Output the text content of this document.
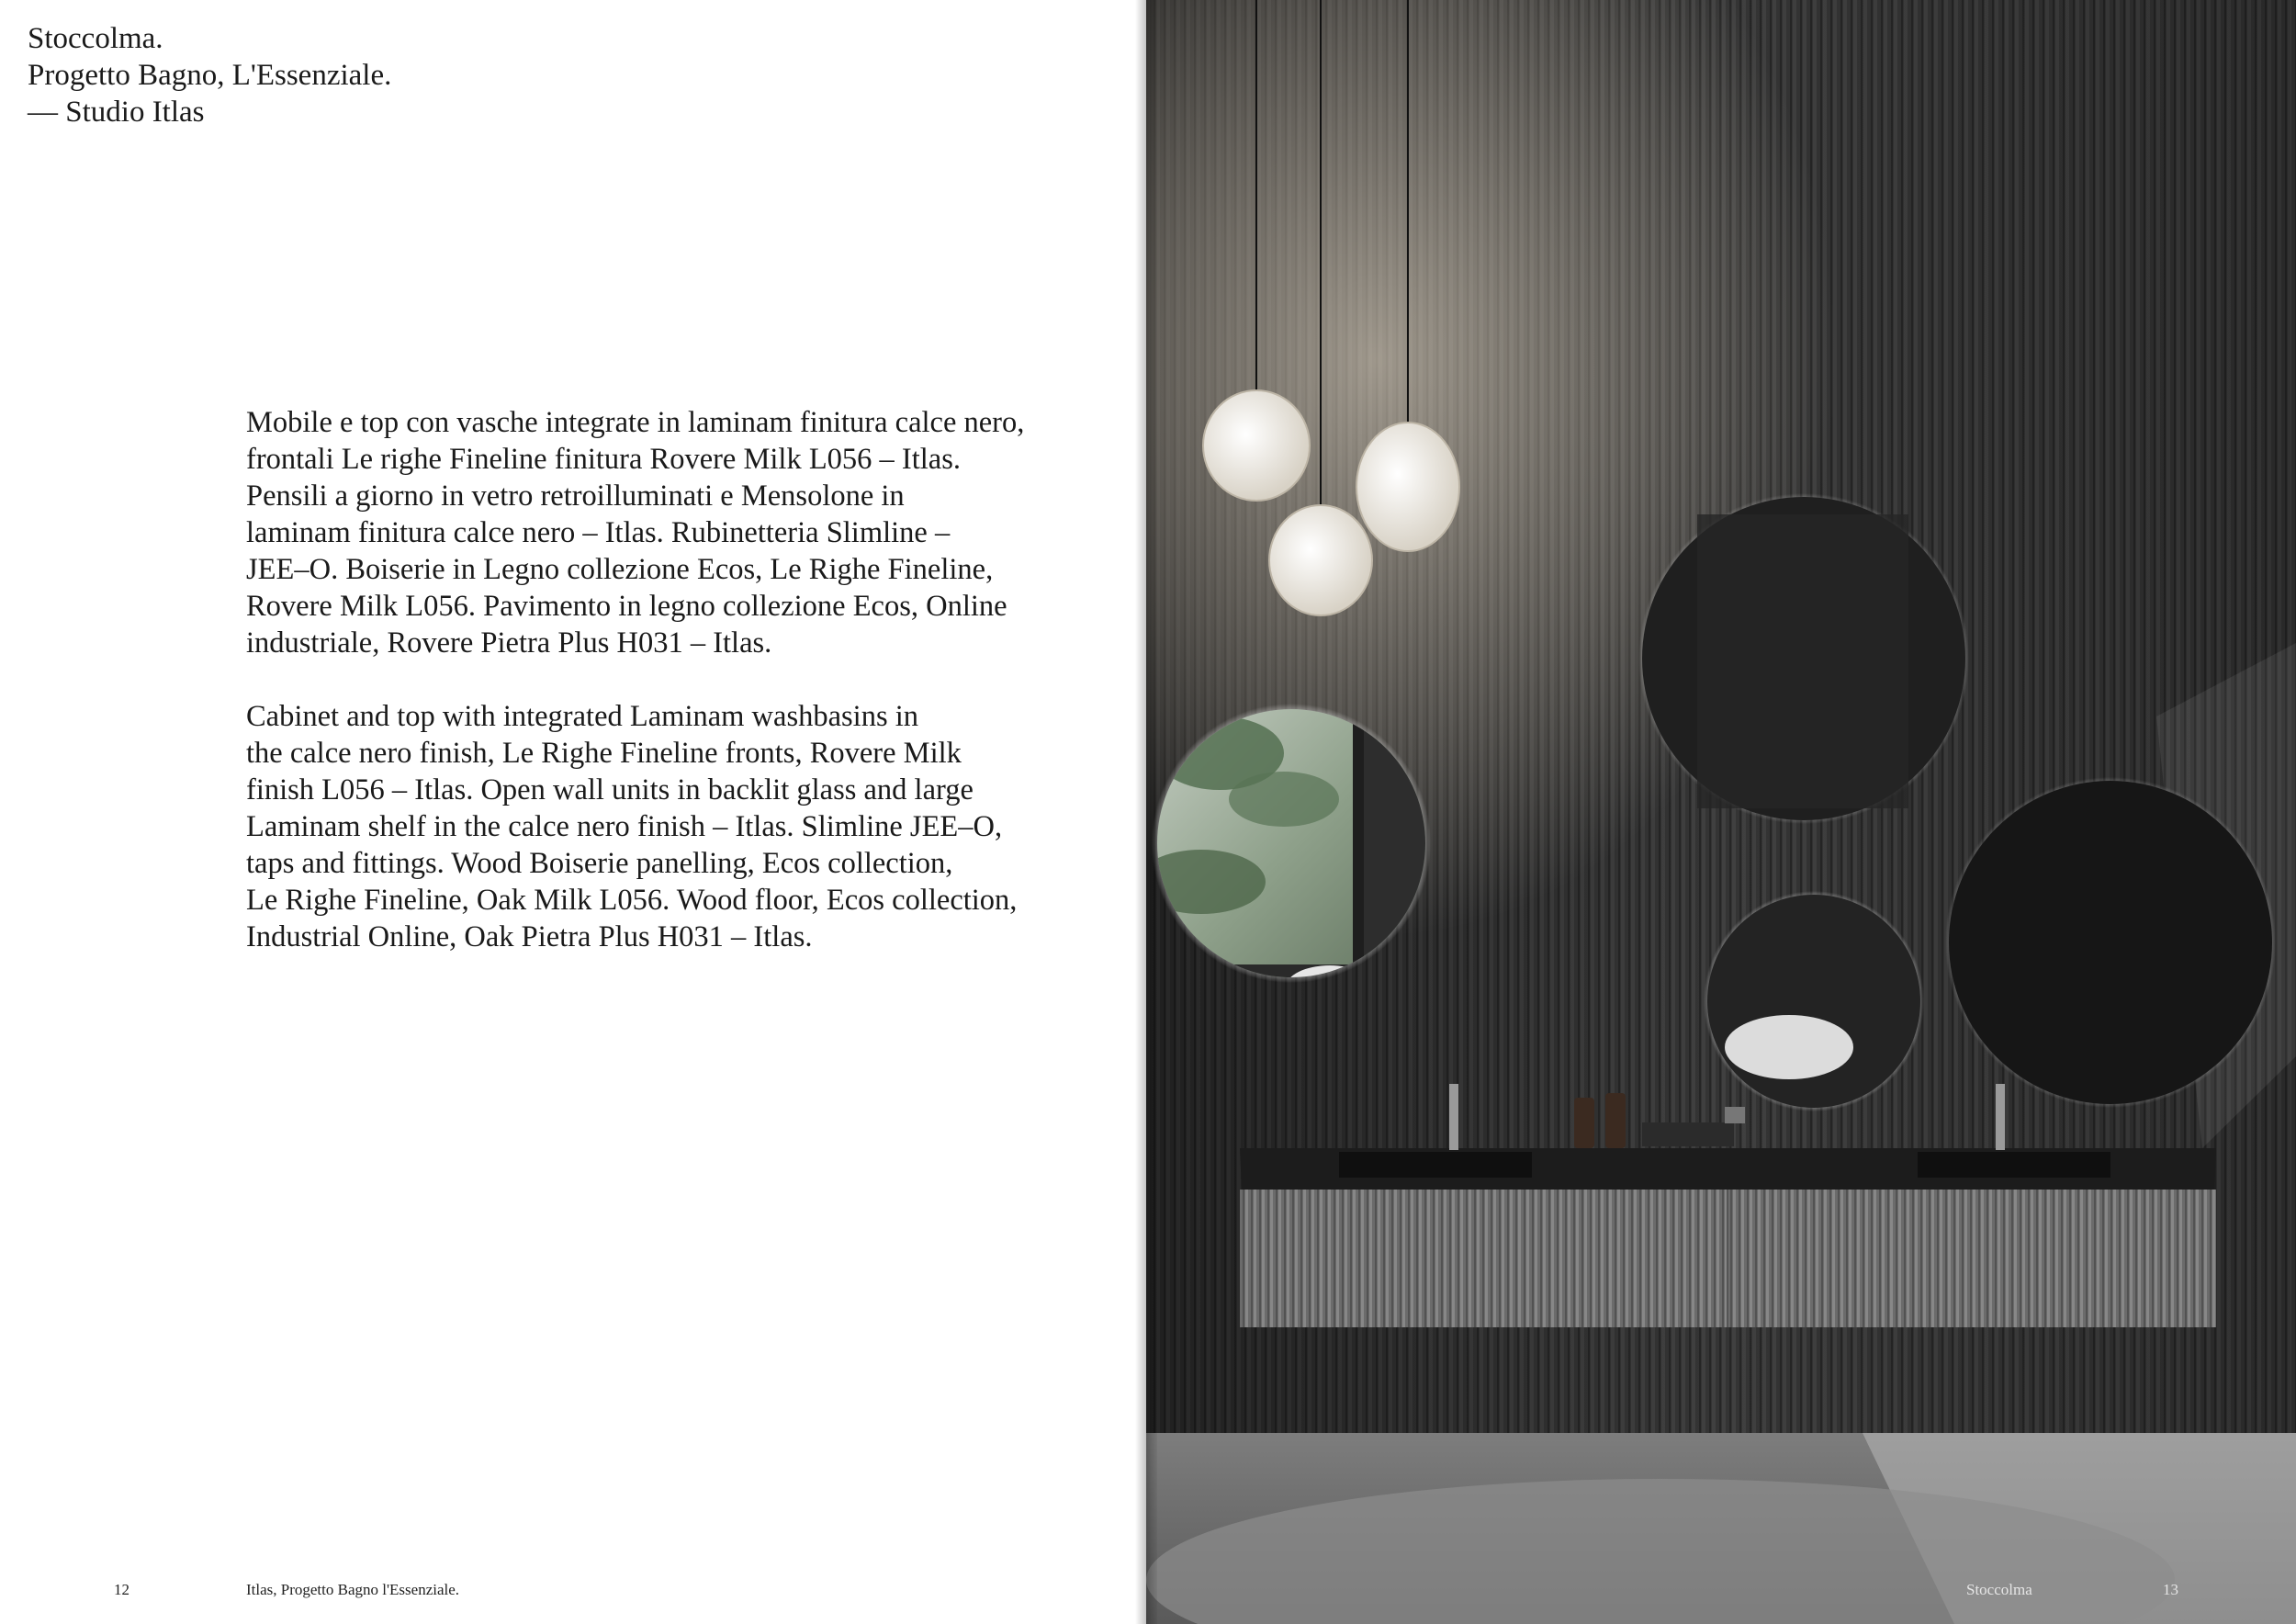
Stoccolma.
Progetto Bagno, L'Essenziale.
— Studio Itlas

Mobile e top con vasche integrate in laminam finitura calce nero,
frontali Le righe Fineline finitura Rovere Milk L056 – Itlas.
Pensili a giorno in vetro retroilluminati e Mensolone in
laminam finitura calce nero – Itlas. Rubinetteria Slimline –
JEE–O. Boiserie in Legno collezione Ecos, Le Righe Fineline,
Rovere Milk L056. Pavimento in legno collezione Ecos, Online
industriale, Rovere Pietra Plus H031 – Itlas.

Cabinet and top with integrated Laminam washbasins in
the calce nero finish, Le Righe Fineline fronts, Rovere Milk
finish L056 – Itlas. Open wall units in backlit glass and large
Laminam shelf in the calce nero finish – Itlas. Slimline JEE–O,
taps and fittings. Wood Boiserie panelling, Ecos collection,
Le Righe Fineline, Oak Milk L056. Wood floor, Ecos collection,
Industrial Online, Oak Pietra Plus H031 – Itlas.

12	Itlas, Progetto Bagno l'Essenziale.	Stoccolma	13
